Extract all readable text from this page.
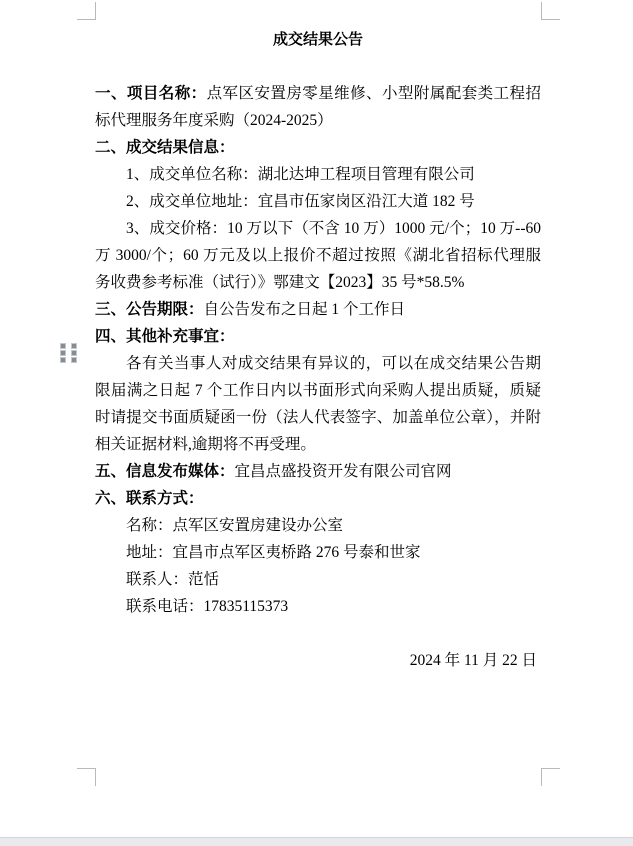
成交结果公告

一、项目名称：点军区安置房零星维修、小型附属配套类工程招标代理服务年度采购（2024-2025）

二、成交结果信息：

1、成交单位名称：湖北达坤工程项目管理有限公司

2、成交单位地址：宜昌市伍家岗区沿江大道 182 号

3、成交价格：10 万以下（不含 10 万）1000 元/个；10 万--60 万 3000/个；60 万元及以上报价不超过按照《湖北省招标代理服务收费参考标准（试行）》鄂建文【2023】35 号*58.5%

三、公告期限：自公告发布之日起 1 个工作日

四、其他补充事宜：

各有关当事人对成交结果有异议的，可以在成交结果公告期限届满之日起 7 个工作日内以书面形式向采购人提出质疑，质疑时请提交书面质疑函一份（法人代表签字、加盖单位公章），并附相关证据材料,逾期将不再受理。

五、信息发布媒体：宜昌点盛投资开发有限公司官网

六、联系方式：

名称：点军区安置房建设办公室

地址：宜昌市点军区夷桥路 276 号泰和世家

联系人：范恬

联系电话：17835115373

2024 年 11 月 22 日
